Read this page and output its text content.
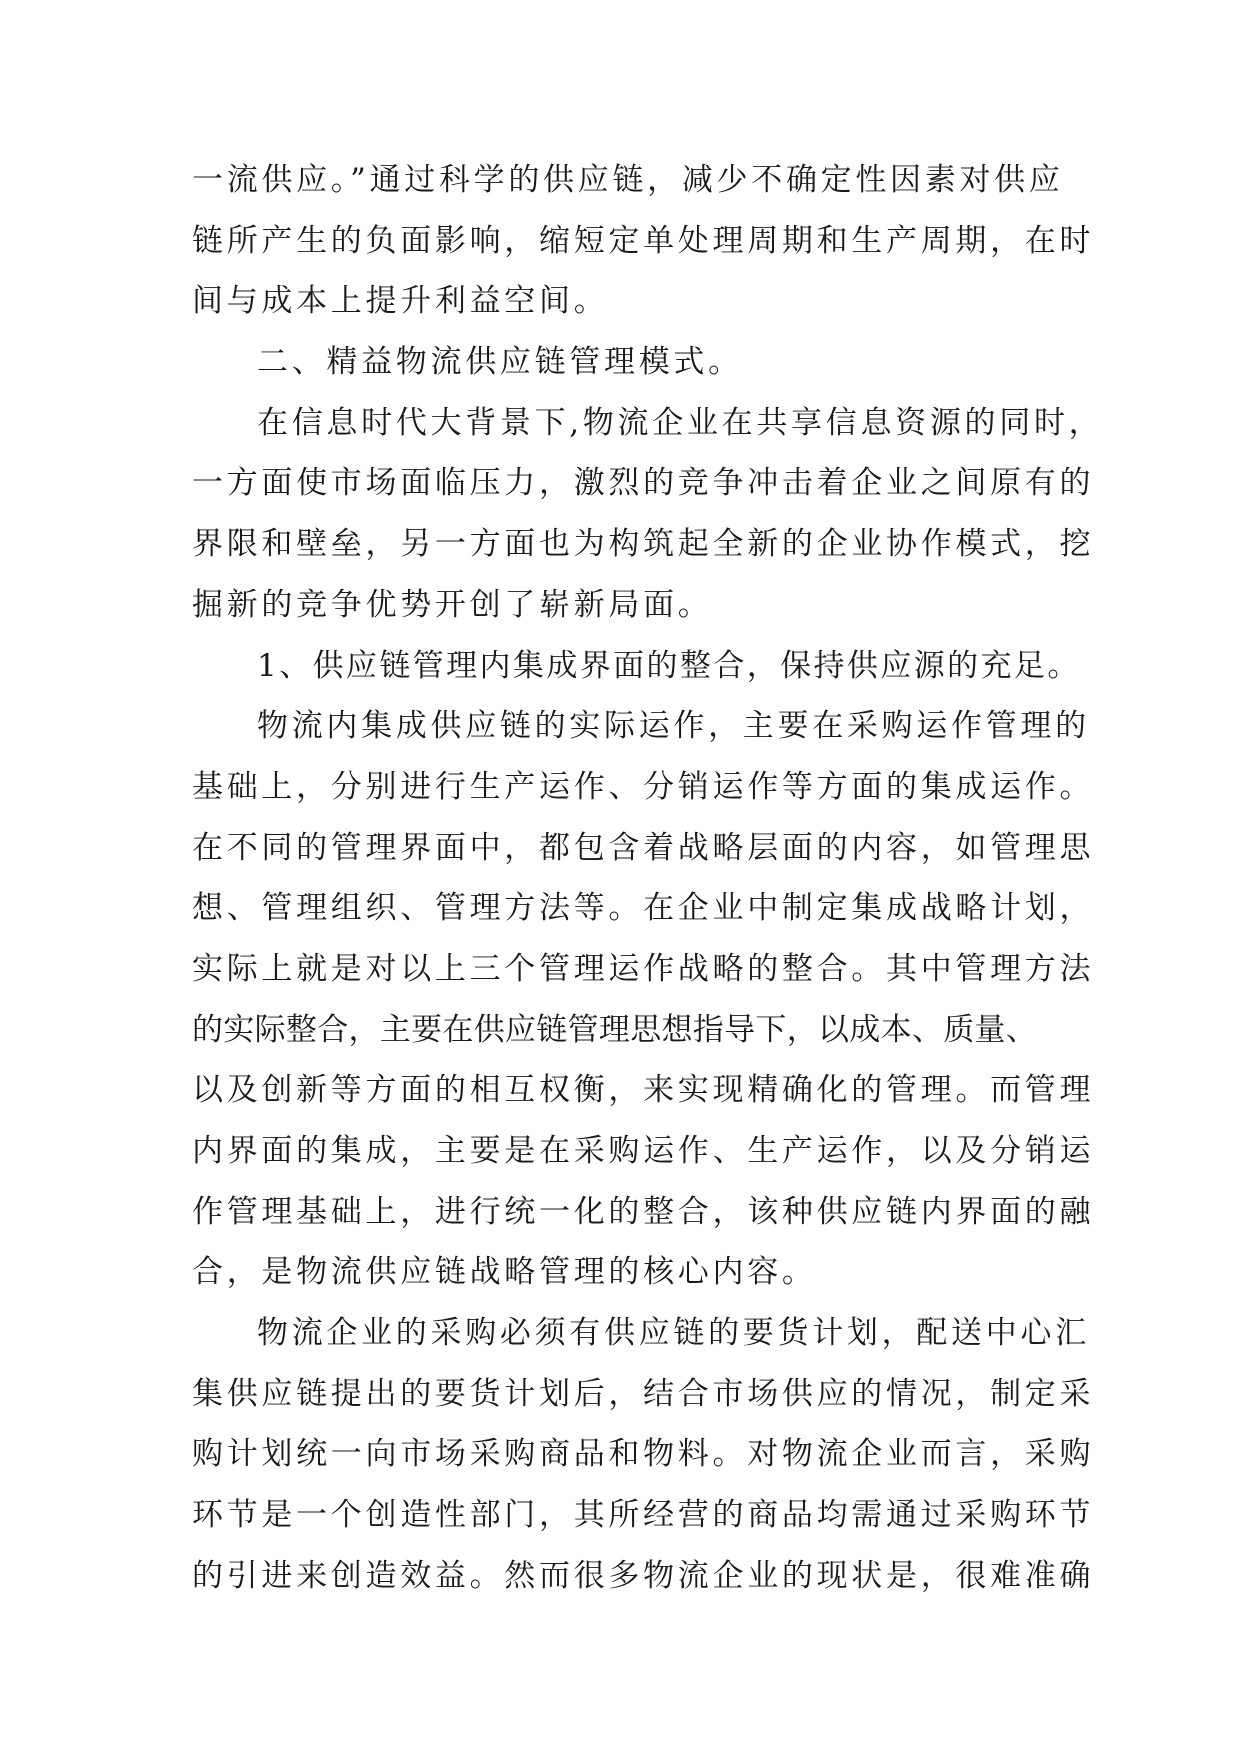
一流供应。”通过科学的供应链，减少不确定性因素对供应
链所产生的负面影响，缩短定单处理周期和生产周期，在时
间与成本上提升利益空间。
二、精益物流供应链管理模式。
在信息时代大背景下,物流企业在共享信息资源的同时，
一方面使市场面临压力，激烈的竞争冲击着企业之间原有的
界限和壁垒，另一方面也为构筑起全新的企业协作模式，挖
掘新的竞争优势开创了崭新局面。
1、供应链管理内集成界面的整合，保持供应源的充足。
物流内集成供应链的实际运作，主要在采购运作管理的
基础上，分别进行生产运作、分销运作等方面的集成运作。
在不同的管理界面中，都包含着战略层面的内容，如管理思
想、管理组织、管理方法等。在企业中制定集成战略计划，
实际上就是对以上三个管理运作战略的整合。其中管理方法
的实际整合，主要在供应链管理思想指导下，以成本、质量、
以及创新等方面的相互权衡，来实现精确化的管理。而管理
内界面的集成，主要是在采购运作、生产运作，以及分销运
作管理基础上，进行统一化的整合，该种供应链内界面的融
合，是物流供应链战略管理的核心内容。
物流企业的采购必须有供应链的要货计划，配送中心汇
集供应链提出的要货计划后，结合市场供应的情况，制定采
购计划统一向市场采购商品和物料。对物流企业而言，采购
环节是一个创造性部门，其所经营的商品均需通过采购环节
的引进来创造效益。然而很多物流企业的现状是，很难准确
